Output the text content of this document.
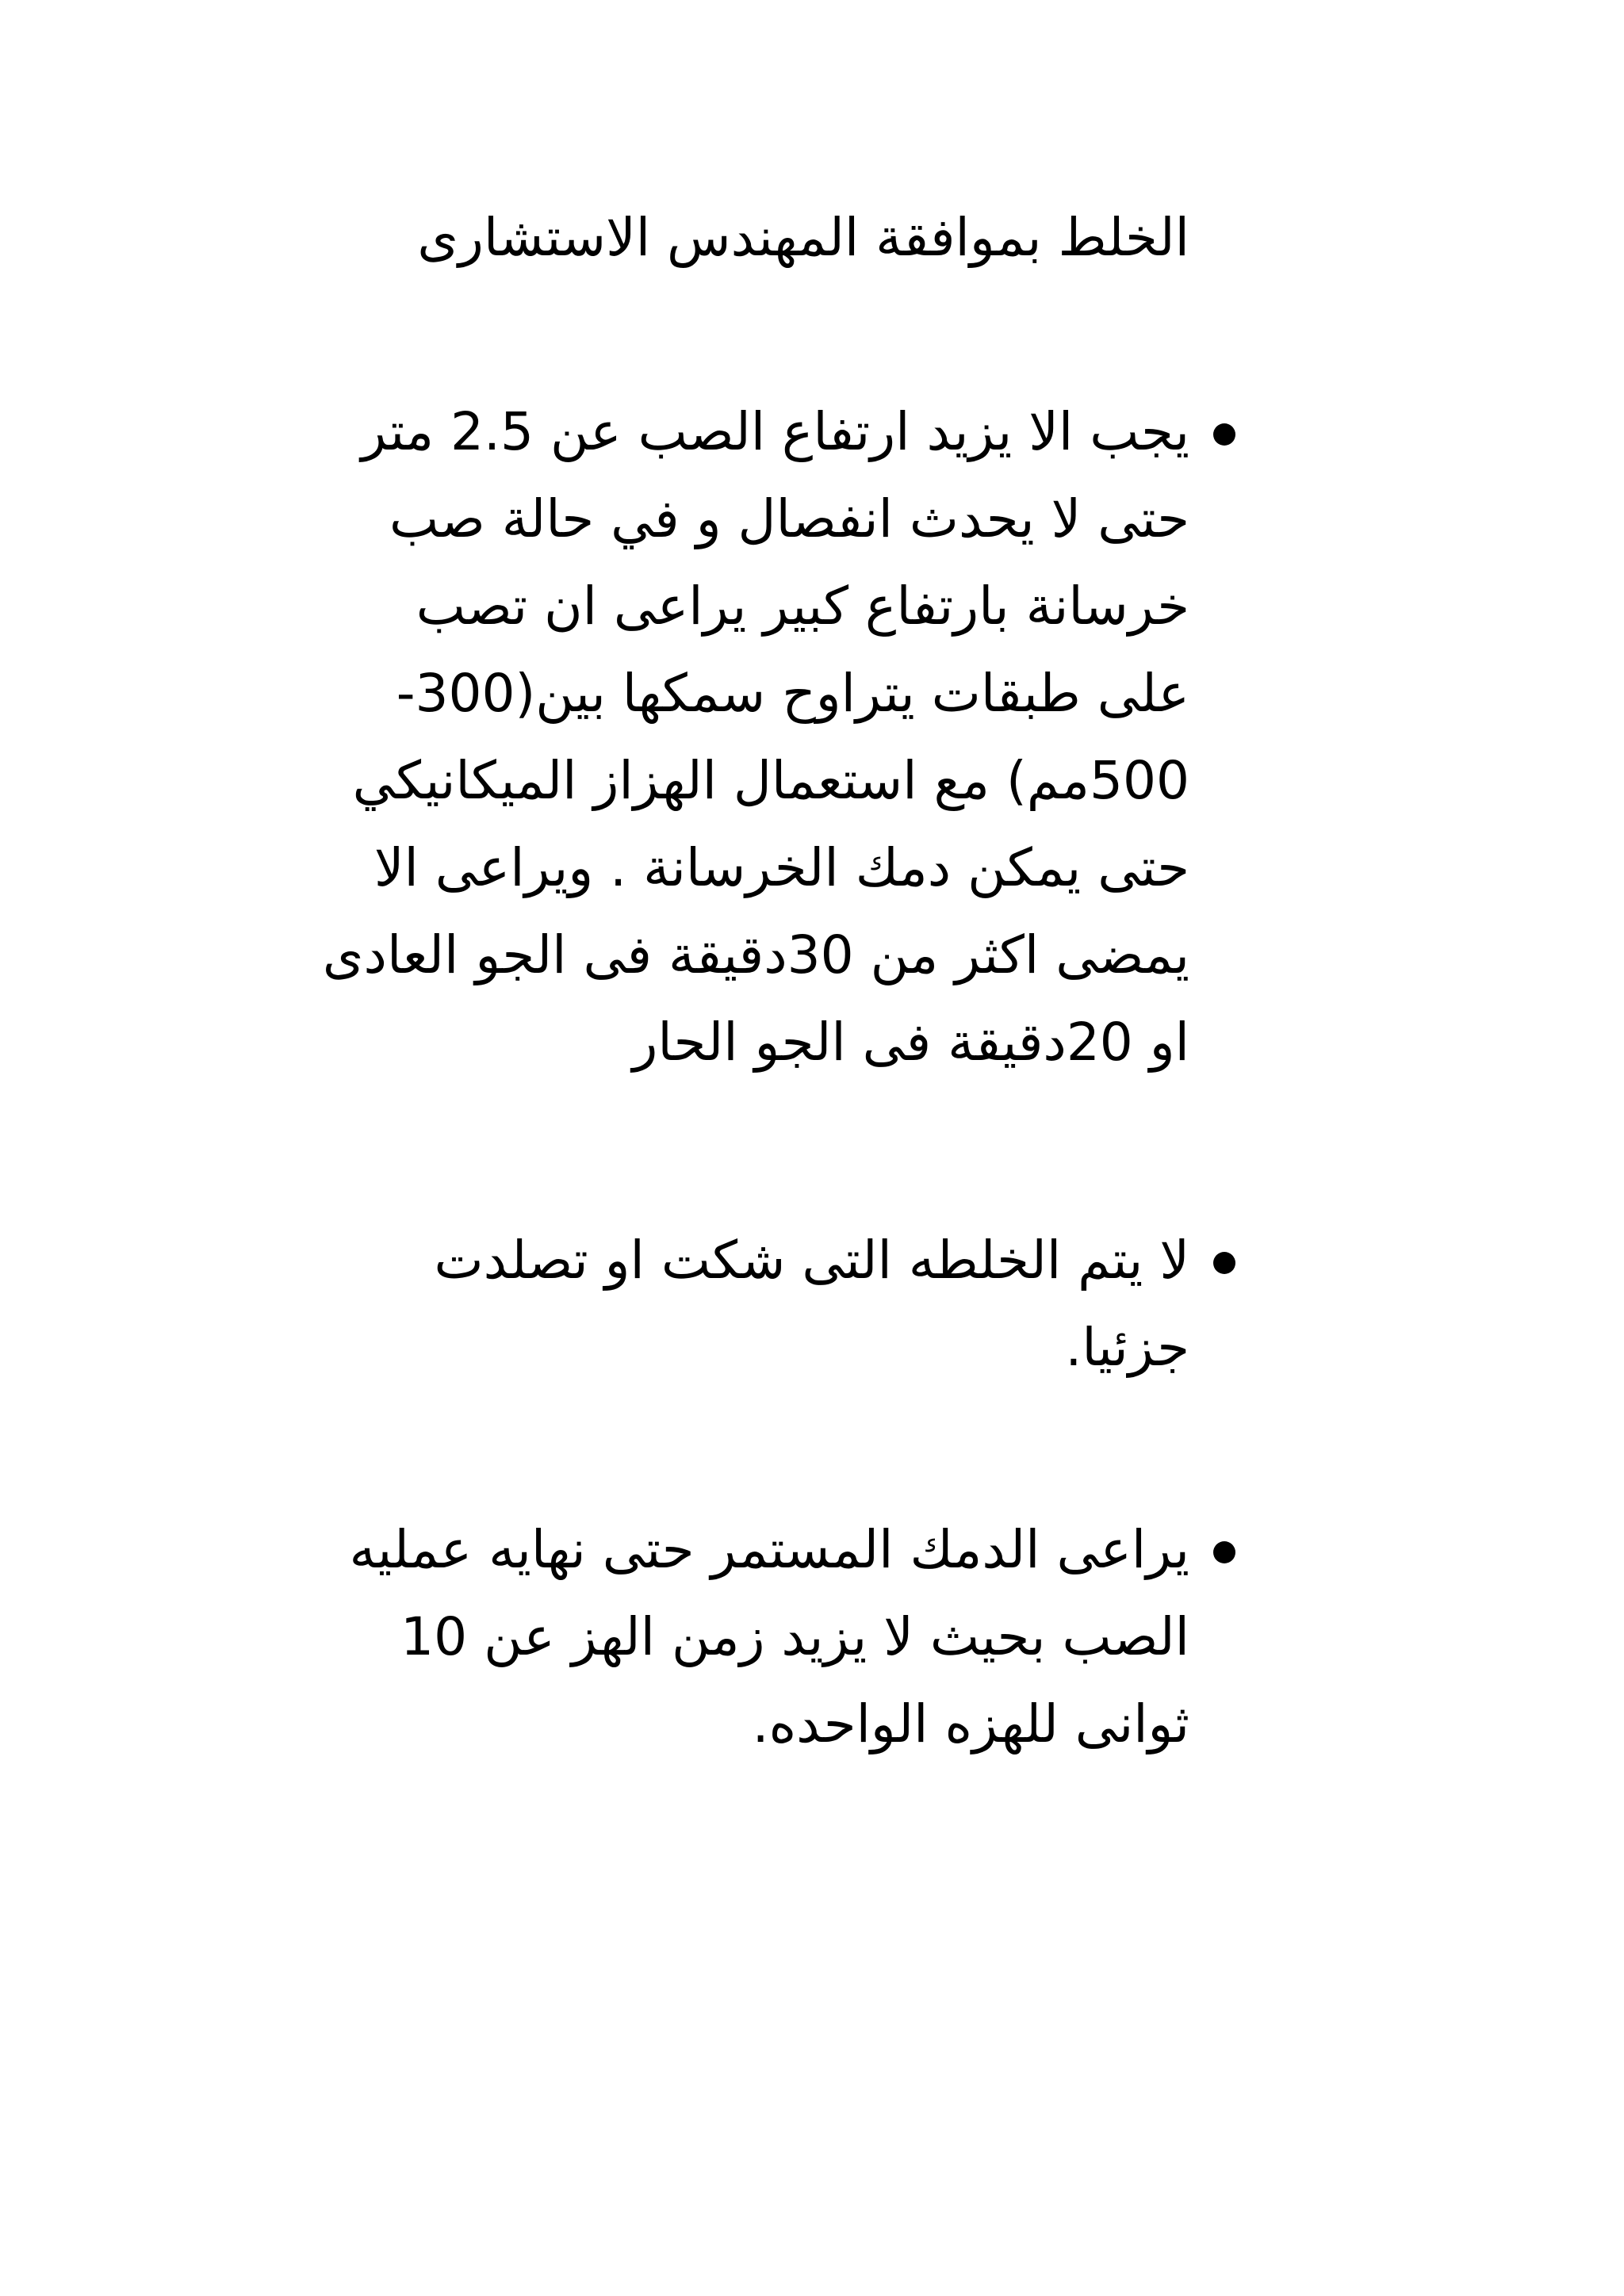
الخلط بموافقة المهندس الاستشارى

يجب الا يزيد ارتفاع الصب عن 2.5 متر
حتى لا يحدث انفصال و في حالة صب
خرسانة بارتفاع كبير يراعى ان تصب
على طبقات يتراوح سمكها بين(300-
500مم) مع استعمال الهزاز الميكانيكي
حتى يمكن دمك الخرسانة . ويراعى الا
يمضى اكثر من 30دقيقة فى الجو العادى
او 20دقيقة فى الجو الحار
لا يتم الخلطه التى شكت او تصلدت
جزئيا.
يراعى الدمك المستمر حتى نهايه عمليه
الصب بحيث لا يزيد زمن الهز عن 10
ثوانى للهزه الواحده.
